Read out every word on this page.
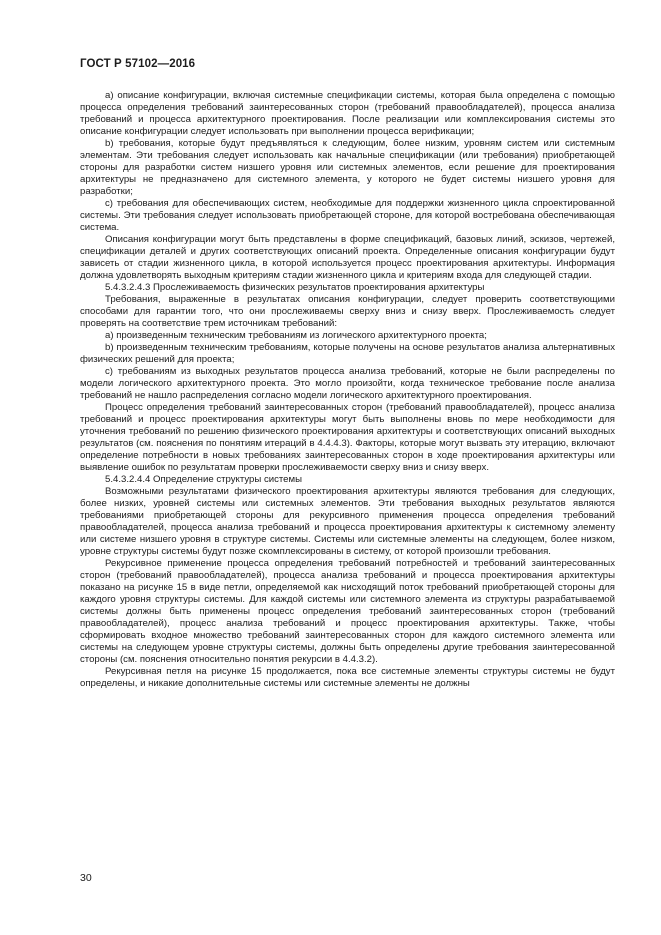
ГОСТ Р 57102—2016

a) описание конфигурации, включая системные спецификации системы, которая была определена с помощью процесса определения требований заинтересованных сторон (требований правообладателей), процесса анализа требований и процесса архитектурного проектирования. После реализации или комплексирования системы это описание конфигурации следует использовать при выполнении процесса верификации;

b) требования, которые будут предъявляться к следующим, более низким, уровням систем или системным элементам. Эти требования следует использовать как начальные спецификации (или требования) приобретающей стороны для разработки систем низшего уровня или системных элементов, если решение для проектирования архитектуры не предназначено для системного элемента, у которого не будет системы низшего уровня для разработки;

c) требования для обеспечивающих систем, необходимые для поддержки жизненного цикла спроектированной системы. Эти требования следует использовать приобретающей стороне, для которой востребована обеспечивающая система.

Описания конфигурации могут быть представлены в форме спецификаций, базовых линий, эскизов, чертежей, спецификации деталей и других соответствующих описаний проекта. Определенные описания конфигурации будут зависеть от стадии жизненного цикла, в которой используется процесс проектирования архитектуры. Информация должна удовлетворять выходным критериям стадии жизненного цикла и критериям входа для следующей стадии.

5.4.3.2.4.3 Прослеживаемость физических результатов проектирования архитектуры

Требования, выраженные в результатах описания конфигурации, следует проверить соответствующими способами для гарантии того, что они прослеживаемы сверху вниз и снизу вверх. Прослеживаемость следует проверять на соответствие трем источникам требований:

a) произведенным техническим требованиям из логического архитектурного проекта;

b) произведенным техническим требованиям, которые получены на основе результатов анализа альтернативных физических решений для проекта;

c) требованиям из выходных результатов процесса анализа требований, которые не были распределены по модели логического архитектурного проекта. Это могло произойти, когда техническое требование после анализа требований не нашло распределения согласно модели логического архитектурного проектирования.

Процесс определения требований заинтересованных сторон (требований правообладателей), процесс анализа требований и процесс проектирования архитектуры могут быть выполнены вновь по мере необходимости для уточнения требований по решению физического проектирования архитектуры и соответствующих описаний выходных результатов (см. пояснения по понятиям итераций в 4.4.4.3). Факторы, которые могут вызвать эту итерацию, включают определение потребности в новых требованиях заинтересованных сторон в ходе проектирования архитектуры или выявление ошибок по результатам проверки прослеживаемости сверху вниз и снизу вверх.

5.4.3.2.4.4 Определение структуры системы

Возможными результатами физического проектирования архитектуры являются требования для следующих, более низких, уровней системы или системных элементов. Эти требования выходных результатов являются требованиями приобретающей стороны для рекурсивного применения процесса определения требований правообладателей, процесса анализа требований и процесса проектирования архитектуры к системному элементу или системе низшего уровня в структуре системы. Системы или системные элементы на следующем, более низком, уровне структуры системы будут позже скомплексированы в систему, от которой произошли требования.

Рекурсивное применение процесса определения требований потребностей и требований заинтересованных сторон (требований правообладателей), процесса анализа требований и процесса проектирования архитектуры показано на рисунке 15 в виде петли, определяемой как нисходящий поток требований приобретающей стороны для каждого уровня структуры системы. Для каждой системы или системного элемента из структуры разрабатываемой системы должны быть применены процесс определения требований заинтересованных сторон (требований правообладателей), процесс анализа требований и процесс проектирования архитектуры. Также, чтобы сформировать входное множество требований заинтересованных сторон для каждого системного элемента или системы на следующем уровне структуры системы, должны быть определены другие требования заинтересованной стороны (см. пояснения относительно понятия рекурсии в 4.4.3.2).

Рекурсивная петля на рисунке 15 продолжается, пока все системные элементы структуры системы не будут определены, и никакие дополнительные системы или системные элементы не должны

30
